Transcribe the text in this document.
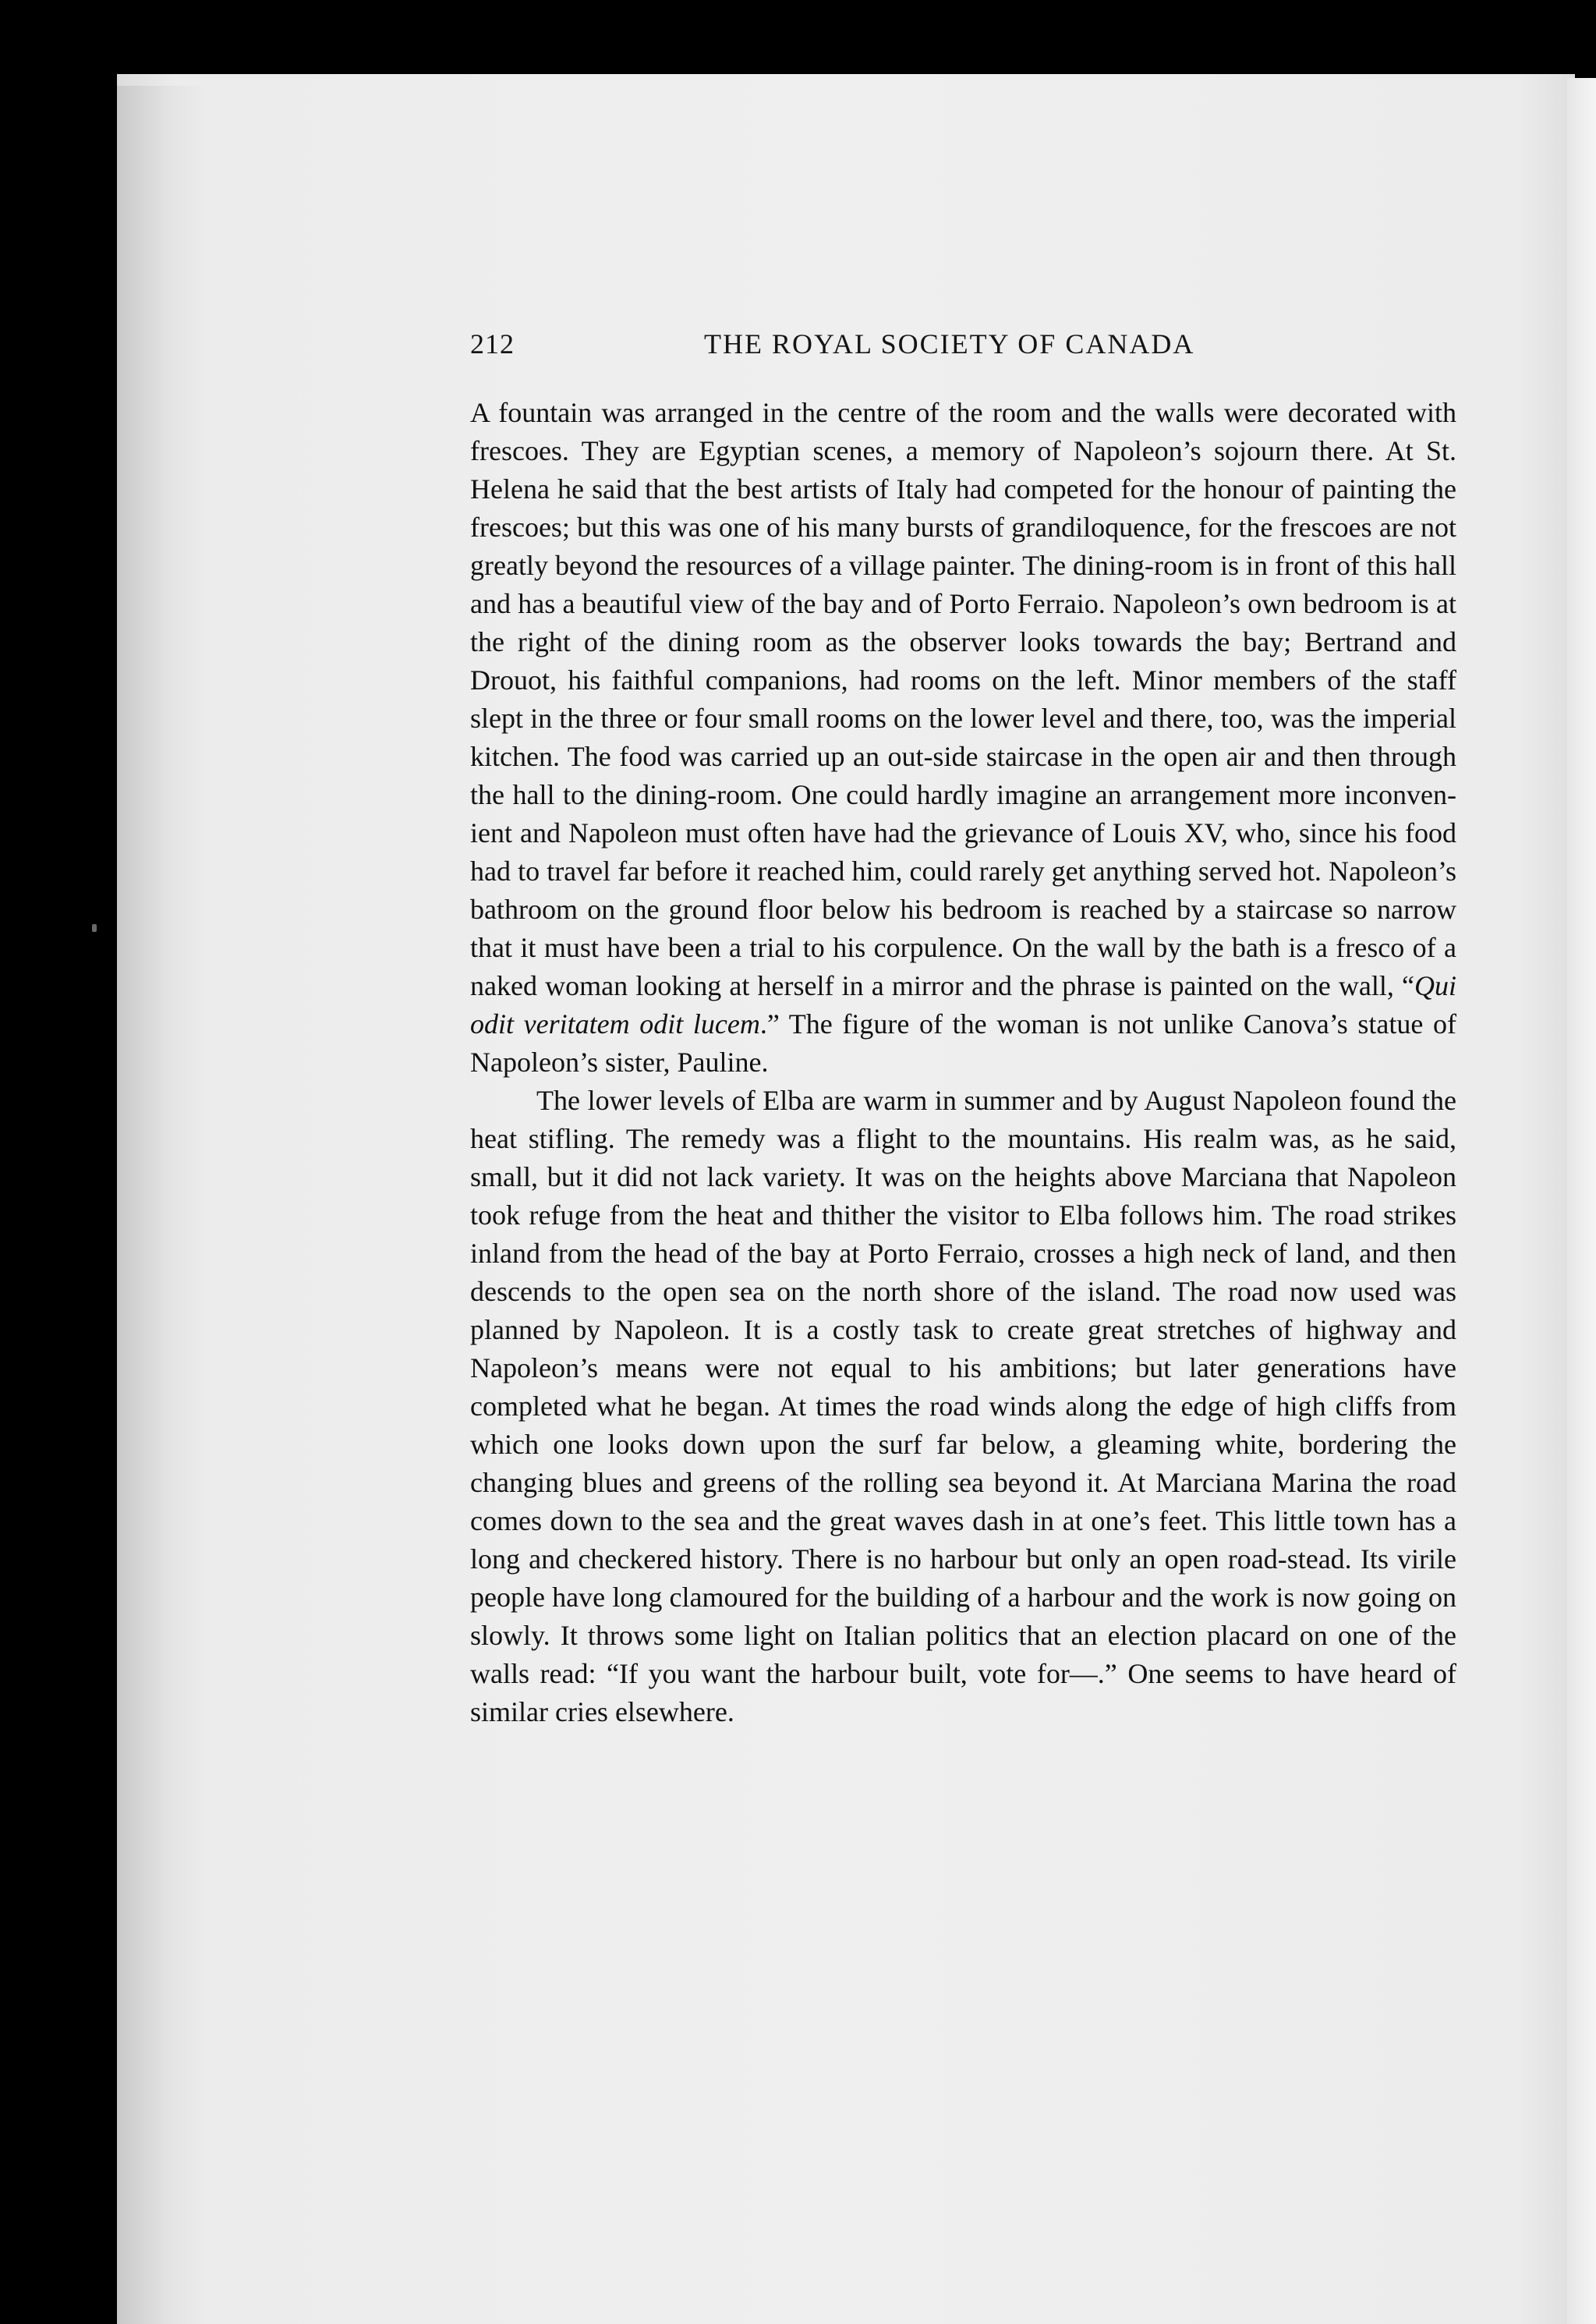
212	THE ROYAL SOCIETY OF CANADA

A fountain was arranged in the centre of the room and the walls were decorated with frescoes. They are Egyptian scenes, a memory of Napoleon’s sojourn there. At St. Helena he said that the best artists of Italy had competed for the honour of painting the frescoes; but this was one of his many bursts of grandiloquence, for the frescoes are not greatly beyond the resources of a village painter. The dining-room is in front of this hall and has a beautiful view of the bay and of Porto Ferraio. Napoleon’s own bedroom is at the right of the dining room as the observer looks towards the bay; Bertrand and Drouot, his faithful companions, had rooms on the left. Minor members of the staff slept in the three or four small rooms on the lower level and there, too, was the imperial kitchen. The food was carried up an out-side staircase in the open air and then through the hall to the dining-room. One could hardly imagine an arrangement more inconven-ient and Napoleon must often have had the grievance of Louis XV, who, since his food had to travel far before it reached him, could rarely get anything served hot. Napoleon’s bathroom on the ground floor below his bedroom is reached by a staircase so narrow that it must have been a trial to his corpulence. On the wall by the bath is a fresco of a naked woman looking at herself in a mirror and the phrase is painted on the wall, “Qui odit veritatem odit lucem.” The figure of the woman is not unlike Canova’s statue of Napoleon’s sister, Pauline.

The lower levels of Elba are warm in summer and by August Napoleon found the heat stifling. The remedy was a flight to the mountains. His realm was, as he said, small, but it did not lack variety. It was on the heights above Marciana that Napoleon took refuge from the heat and thither the visitor to Elba follows him. The road strikes inland from the head of the bay at Porto Ferraio, crosses a high neck of land, and then descends to the open sea on the north shore of the island. The road now used was planned by Napoleon. It is a costly task to create great stretches of highway and Napoleon’s means were not equal to his ambitions; but later generations have completed what he began. At times the road winds along the edge of high cliffs from which one looks down upon the surf far below, a gleaming white, bordering the changing blues and greens of the rolling sea beyond it. At Marciana Marina the road comes down to the sea and the great waves dash in at one’s feet. This little town has a long and checkered history. There is no harbour but only an open road-stead. Its virile people have long clamoured for the building of a harbour and the work is now going on slowly. It throws some light on Italian politics that an election placard on one of the walls read: “If you want the harbour built, vote for—.” One seems to have heard of similar cries elsewhere.
